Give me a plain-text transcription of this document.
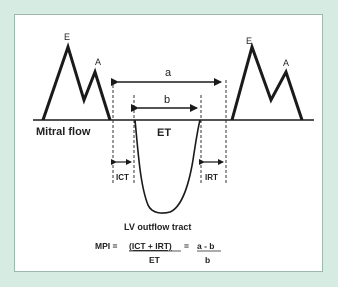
E
A
E
A
a
b
Mitral flow	ET
ICT	IRT
LV outflow tract
MPI = (ICT + IRT) = a - b
ET	b
